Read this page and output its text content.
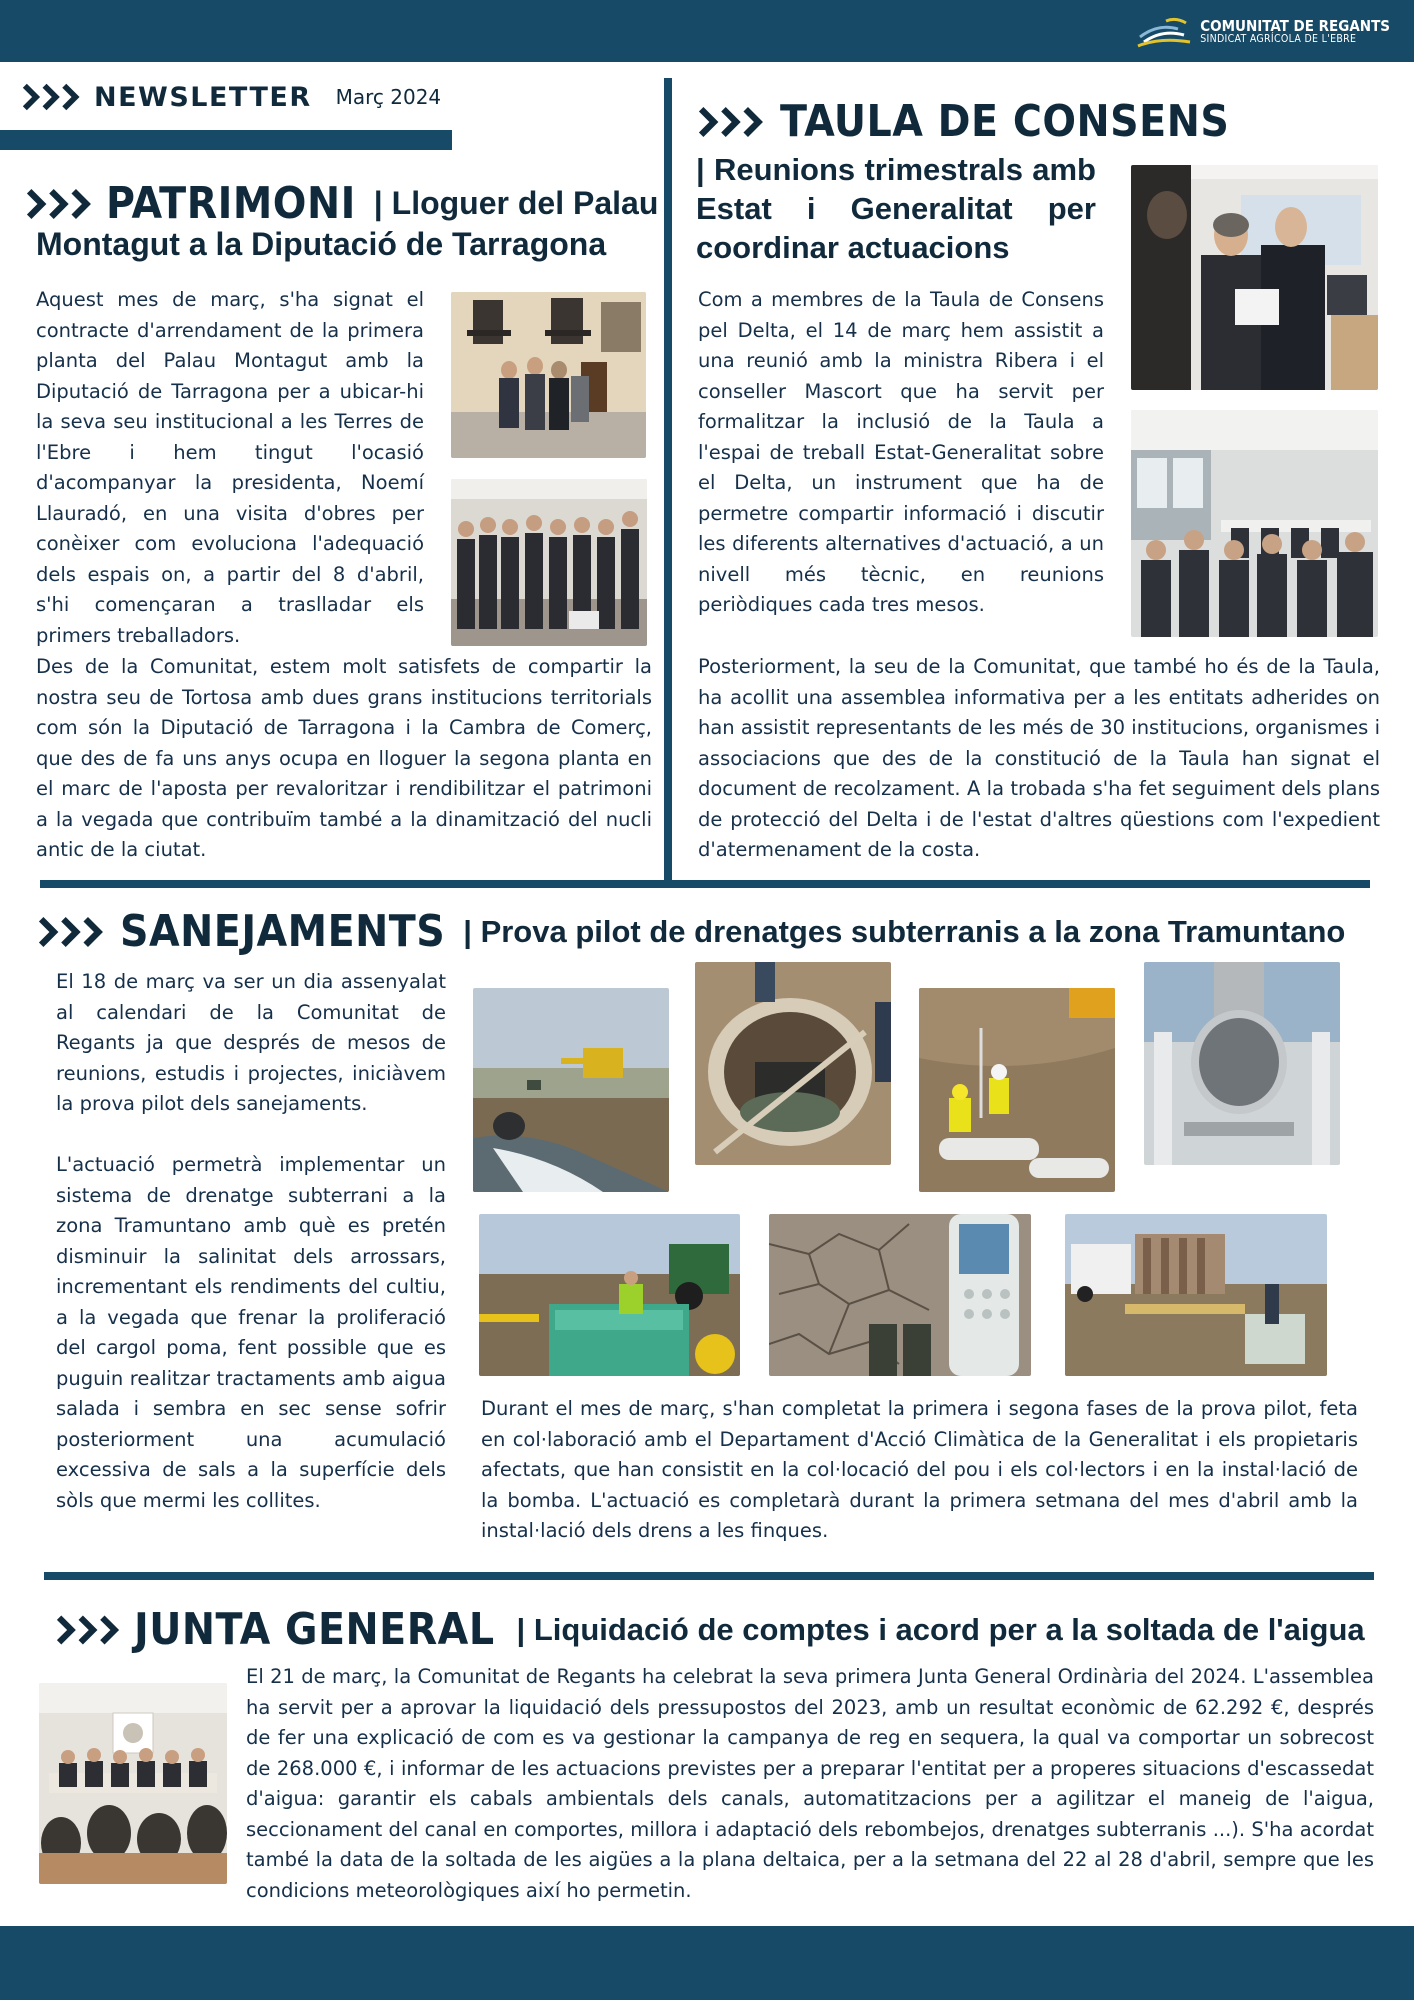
COMUNITAT DE REGANTS
SINDICAT AGRÍCOLA DE L'EBRE
NEWSLETTER Març 2024
PATRIMONI | Lloguer del Palau
Montagut a la Diputació de Tarragona

Aquest mes de març, s'ha signat el contracte d'arrendament de la primera planta del Palau Montagut amb la Diputació de Tarragona per a ubicar-hi la seva seu institucional a les Terres de l'Ebre i hem tingut l'ocasió d'acompanyar la presidenta, Noemí Llauradó, en una visita d'obres per conèixer com evoluciona l'adequació dels espais on, a partir del 8 d'abril, s'hi començaran a traslladar els primers treballadors.

Des de la Comunitat, estem molt satisfets de compartir la nostra seu de Tortosa amb dues grans institucions territorials com són la Diputació de Tarragona i la Cambra de Comerç, que des de fa uns anys ocupa en lloguer la segona planta en el marc de l'aposta per revaloritzar i rendibilitzar el patrimoni a la vegada que contribuïm també a la dinamització del nucli antic de la ciutat.

TAULA DE CONSENS
| Reunions trimestrals amb Estat i Generalitat per coordinar actuacions

Com a membres de la Taula de Consens pel Delta, el 14 de març hem assistit a una reunió amb la ministra Ribera i el conseller Mascort que ha servit per formalitzar la inclusió de la Taula a l'espai de treball Estat-Generalitat sobre el Delta, un instrument que ha de permetre compartir informació i discutir les diferents alternatives d'actuació, a un nivell més tècnic, en reunions periòdiques cada tres mesos.

Posteriorment, la seu de la Comunitat, que també ho és de la Taula, ha acollit una assemblea informativa per a les entitats adherides on han assistit representants de les més de 30 institucions, organismes i associacions que des de la constitució de la Taula han signat el document de recolzament. A la trobada s'ha fet seguiment dels plans de protecció del Delta i de l'estat d'altres qüestions com l'expedient d'atermenament de la costa.

SANEJAMENTS | Prova pilot de drenatges subterranis a la zona Tramuntano

El 18 de març va ser un dia assenyalat al calendari de la Comunitat de Regants ja que després de mesos de reunions, estudis i projectes, iniciàvem la prova pilot dels sanejaments.

L'actuació permetrà implementar un sistema de drenatge subterrani a la zona Tramuntano amb què es pretén disminuir la salinitat dels arrossars, incrementant els rendiments del cultiu, a la vegada que frenar la proliferació del cargol poma, fent possible que es puguin realitzar tractaments amb aigua salada i sembra en sec sense sofrir posteriorment una acumulació excessiva de sals a la superfície dels sòls que mermi les collites.

Durant el mes de març, s'han completat la primera i segona fases de la prova pilot, feta en col·laboració amb el Departament d'Acció Climàtica de la Generalitat i els propietaris afectats, que han consistit en la col·locació del pou i els col·lectors i en la instal·lació de la bomba. L'actuació es completarà durant la primera setmana del mes d'abril amb la instal·lació dels drens a les finques.

JUNTA GENERAL | Liquidació de comptes i acord per a la soltada de l'aigua

El 21 de març, la Comunitat de Regants ha celebrat la seva primera Junta General Ordinària del 2024. L'assemblea ha servit per a aprovar la liquidació dels pressupostos del 2023, amb un resultat econòmic de 62.292 €, després de fer una explicació de com es va gestionar la campanya de reg en sequera, la qual va comportar un sobrecost de 268.000 €, i informar de les actuacions previstes per a preparar l'entitat per a properes situacions d'escassedat d'aigua: garantir els cabals ambientals dels canals, automatitzacions per a agilitzar el maneig de l'aigua, seccionament del canal en comportes, millora i adaptació dels rebombejos, drenatges subterranis ...). S'ha acordat també la data de la soltada de les aigües a la plana deltaica, per a la setmana del 22 al 28 d'abril, sempre que les condicions meteorològiques així ho permetin.
